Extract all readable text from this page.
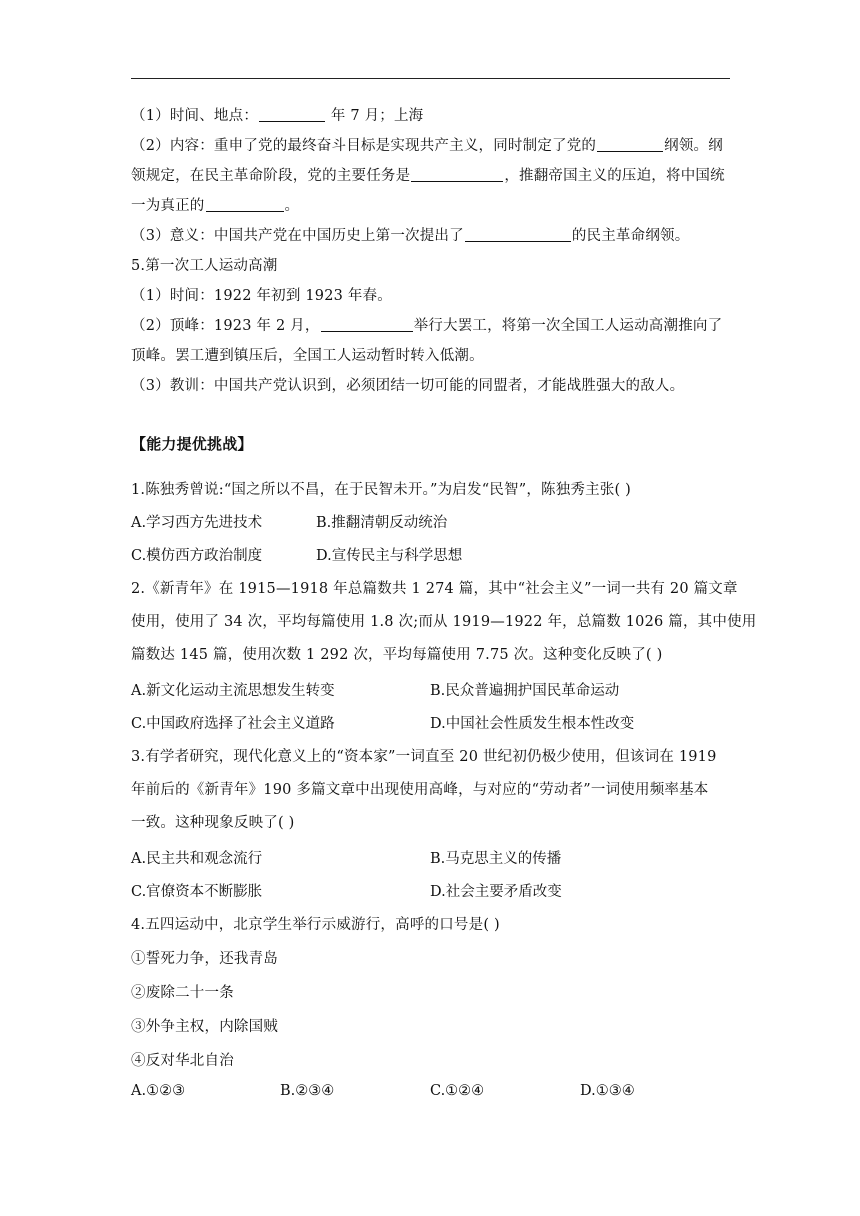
（1）时间、地点：	年 7 月；上海
（2）内容：重申了党的最终奋斗目标是实现共产主义，同时制定了党的	纲领。纲
领规定，在民主革命阶段，党的主要任务是	，推翻帝国主义的压迫，将中国统
一为真正的	。
（3）意义：中国共产党在中国历史上第一次提出了	的民主革命纲领。
5.第一次工人运动高潮
（1）时间：1922 年初到 1923 年春。
（2）顶峰：1923 年 2 月，	举行大罢工，将第一次全国工人运动高潮推向了
顶峰。罢工遭到镇压后，全国工人运动暂时转入低潮。
（3）教训：中国共产党认识到，必须团结一切可能的同盟者，才能战胜强大的敌人。
【能力提优挑战】
1.陈独秀曾说:“国之所以不昌，在于民智未开。”为启发“民智”，陈独秀主张( )
A.学习西方先进技术	B.推翻清朝反动统治
C.模仿西方政治制度	D.宣传民主与科学思想
2.《新青年》在 1915—1918 年总篇数共 1 274 篇，其中“社会主义”一词一共有 20 篇文章
使用，使用了 34 次，平均每篇使用 1.8 次;而从 1919—1922 年，总篇数 1026 篇，其中使用
篇数达 145 篇，使用次数 1 292 次，平均每篇使用 7.75 次。这种变化反映了( )
A.新文化运动主流思想发生转变	B.民众普遍拥护国民革命运动
C.中国政府选择了社会主义道路	D.中国社会性质发生根本性改变
3.有学者研究，现代化意义上的“资本家”一词直至 20 世纪初仍极少使用，但该词在 1919
年前后的《新青年》190 多篇文章中出现使用高峰，与对应的“劳动者”一词使用频率基本
一致。这种现象反映了( )
A.民主共和观念流行	B.马克思主义的传播
C.官僚资本不断膨胀	D.社会主要矛盾改变
4.五四运动中，北京学生举行示威游行，高呼的口号是( )
①誓死力争，还我青岛
②废除二十一条
③外争主权，内除国贼
④反对华北自治
A.①②③	B.②③④	C.①②④	D.①③④
